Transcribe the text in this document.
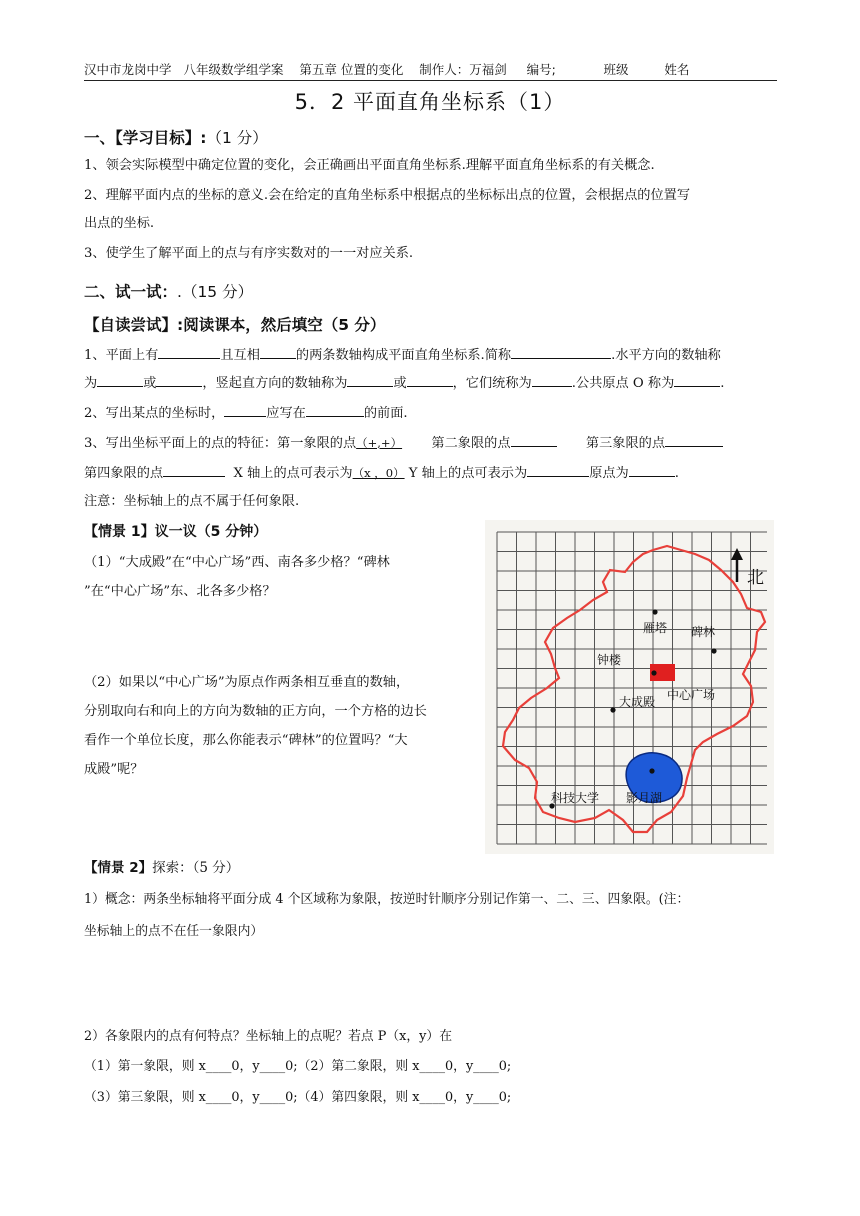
汉中市龙岗中学 八年级数学组学案 第五章 位置的变化 制作人：万福剑 编号;	班级	姓名
5．2 平面直角坐标系（1）
一、【学习目标】:（1 分）
1、领会实际模型中确定位置的变化，会正确画出平面直角坐标系.理解平面直角坐标系的有关概念.
2、理解平面内点的坐标的意义.会在给定的直角坐标系中根据点的坐标标出点的位置，会根据点的位置写
出点的坐标.
3、使学生了解平面上的点与有序实数对的一一对应关系.
二、试一试：.（15 分）
【自读尝试】:阅读课本，然后填空（5 分）
1、平面上有	且互相	的两条数轴构成平面直角坐标系.简称	.水平方向的数轴称
为	或	，竖起直方向的数轴称为	或	，它们统称为	.公共原点 O 称为	.
2、写出某点的坐标时，	应写在	的前面.
3、写出坐标平面上的点的特征：第一象限的点（+,+） 第二象限的点	第三象限的点
第四象限的点	X 轴上的点可表示为（x ，0） Y 轴上的点可表示为	原点为	.
注意：坐标轴上的点不属于任何象限.
【情景 1】议一议（5 分钟）
（1）“大成殿”在“中心广场”西、南各多少格？“碑林
”在“中心广场”东、北各多少格？
（2）如果以“中心广场”为原点作两条相互垂直的数轴，
分别取向右和向上的方向为数轴的正方向，一个方格的边长
看作一个单位长度，那么你能表示“碑林”的位置吗？“大
成殿”呢？
北
雁塔 碑林
钟楼
中心广场
大成殿
科技大学 影月湖
【情景 2】探索：（5 分）
1）概念：两条坐标轴将平面分成 4 个区域称为象限，按逆时针顺序分别记作第一、二、三、四象限。(注：
坐标轴上的点不在任一象限内）
2）各象限内的点有何特点？坐标轴上的点呢？若点 P（x，y）在
（1）第一象限，则 x____0，y____0;（2）第二象限，则 x____0，y____0;
（3）第三象限，则 x____0，y____0;（4）第四象限，则 x____0，y____0;
